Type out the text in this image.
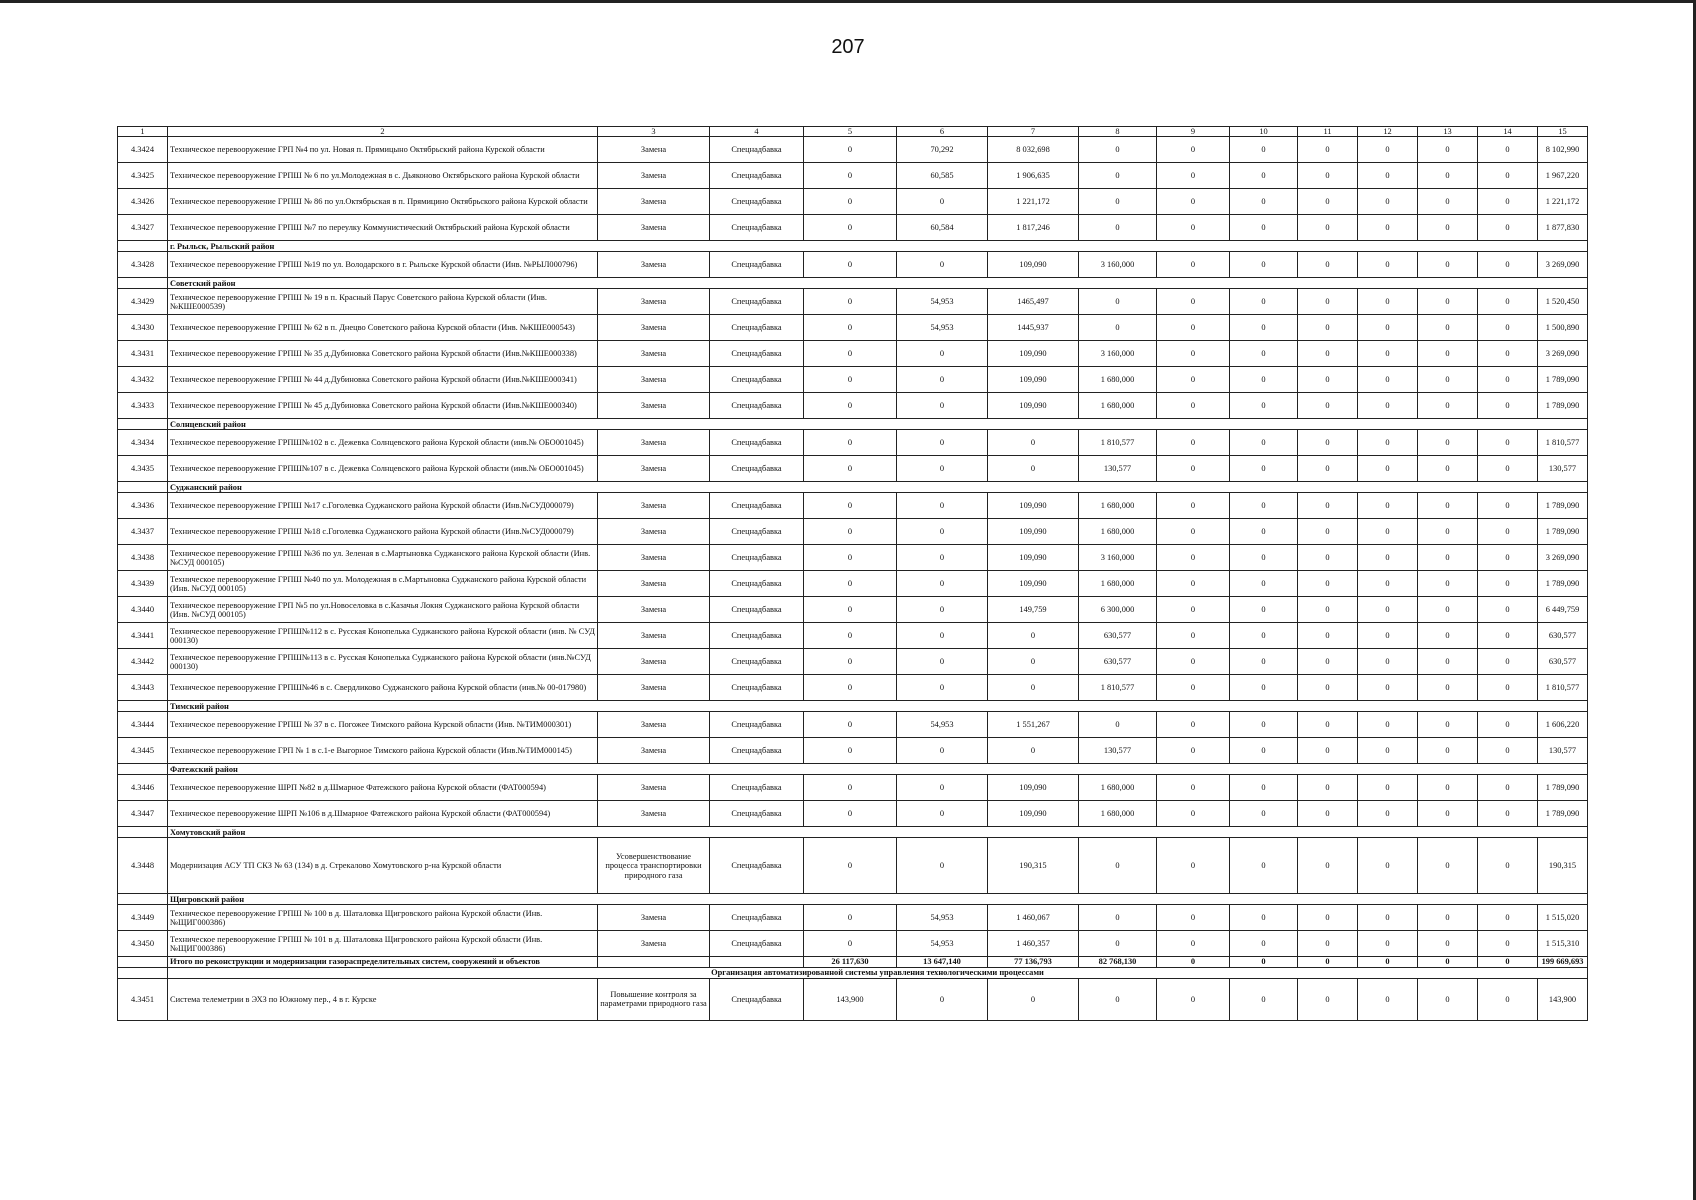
207
1	2	3	4	5	6	7	8	9	10	11	12	13	14	15
4.3424	Техническое перевооружение ГРП №4 по ул. Новая п. Прямицыно Октябрьский района Курской области	Замена	Спецнадбавка	0	70,292	8 032,698	0	0	0	0	0	0	0	8 102,990
4.3425	Техническое перевооружение ГРПШ № 6 по ул.Молодежная в с. Дьяконово Октябрьского района Курской области	Замена	Спецнадбавка	0	60,585	1 906,635	0	0	0	0	0	0	0	1 967,220
4.3426	Техническое перевооружение ГРПШ № 86 по ул.Октябрьская в п. Прямицино Октябрьского района Курской области	Замена	Спецнадбавка	0	0	1 221,172	0	0	0	0	0	0	0	1 221,172
4.3427	Техническое перевооружение ГРПШ №7 по переулку Коммунистический Октябрьский района Курской области	Замена	Спецнадбавка	0	60,584	1 817,246	0	0	0	0	0	0	0	1 877,830
	г. Рыльск, Рыльский район													
4.3428	Техническое перевооружение ГРПШ №19 по ул. Володарского в г. Рыльске Курской области (Инв. №РЫЛ000796)	Замена	Спецнадбавка	0	0	109,090	3 160,000	0	0	0	0	0	0	3 269,090
	Советский район													
4.3429	Техническое перевооружение ГРПШ № 19 в п. Красный Парус Советского района Курской области (Инв. №КШЕ000539)	Замена	Спецнадбавка	0	54,953	1465,497	0	0	0	0	0	0	0	1 520,450
4.3430	Техническое перевооружение ГРПШ № 62 в п. Днецво Советского района Курской области (Инв. №КШЕ000543)	Замена	Спецнадбавка	0	54,953	1445,937	0	0	0	0	0	0	0	1 500,890
4.3431	Техническое перевооружение ГРПШ № 35 д.Дубиновка Советского района Курской области (Инв.№КШЕ000338)	Замена	Спецнадбавка	0	0	109,090	3 160,000	0	0	0	0	0	0	3 269,090
4.3432	Техническое перевооружение ГРПШ № 44 д.Дубиновка Советского района Курской области (Инв.№КШЕ000341)	Замена	Спецнадбавка	0	0	109,090	1 680,000	0	0	0	0	0	0	1 789,090
4.3433	Техническое перевооружение ГРПШ № 45 д.Дубиновка Советского района Курской области (Инв.№КШЕ000340)	Замена	Спецнадбавка	0	0	109,090	1 680,000	0	0	0	0	0	0	1 789,090
	Солнцевский район													
4.3434	Техническое перевооружение ГРПШ№102 в с. Дежевка Солнцевского района Курской области (инв.№ ОБО001045)	Замена	Спецнадбавка	0	0	0	1 810,577	0	0	0	0	0	0	1 810,577
4.3435	Техническое перевооружение ГРПШ№107 в с. Дежевка Солнцевского района Курской области (инв.№ ОБО001045)	Замена	Спецнадбавка	0	0	0	130,577	0	0	0	0	0	0	130,577
	Суджанский район													
4.3436	Техническое перевооружение ГРПШ №17 с.Гоголевка Суджанского района Курской области (Инв.№СУД000079)	Замена	Спецнадбавка	0	0	109,090	1 680,000	0	0	0	0	0	0	1 789,090
4.3437	Техническое перевооружение ГРПШ №18 с.Гоголевка Суджанского района Курской области (Инв.№СУД000079)	Замена	Спецнадбавка	0	0	109,090	1 680,000	0	0	0	0	0	0	1 789,090
4.3438	Техническое перевооружение ГРПШ №36 по ул. Зеленая в с.Мартыновка Суджанского района Курской области (Инв. №СУД 000105)	Замена	Спецнадбавка	0	0	109,090	3 160,000	0	0	0	0	0	0	3 269,090
4.3439	Техническое перевооружение ГРПШ №40 по ул. Молодежная в с.Мартыновка Суджанского района Курской области (Инв. №СУД 000105)	Замена	Спецнадбавка	0	0	109,090	1 680,000	0	0	0	0	0	0	1 789,090
4.3440	Техническое перевооружение ГРП №5 по ул.Новоселовка в с.Казачья Локня Суджанского района Курской области (Инв. №СУД 000105)	Замена	Спецнадбавка	0	0	149,759	6 300,000	0	0	0	0	0	0	6 449,759
4.3441	Техническое перевооружение ГРПШ№112 в с. Русская Конопелька Суджанского района Курской области (инв. № СУД 000130)	Замена	Спецнадбавка	0	0	0	630,577	0	0	0	0	0	0	630,577
4.3442	Техническое перевооружение ГРПШ№113 в с. Русская Конопелька Суджанского района Курской области (инв.№СУД 000130)	Замена	Спецнадбавка	0	0	0	630,577	0	0	0	0	0	0	630,577
4.3443	Техническое перевооружение ГРПШ№46 в с. Свердликово Суджанского района Курской области (инв.№ 00-017980)	Замена	Спецнадбавка	0	0	0	1 810,577	0	0	0	0	0	0	1 810,577
	Тимский район													
4.3444	Техническое перевооружение ГРПШ № 37 в с. Погожее Тимского района Курской области (Инв. №ТИМ000301)	Замена	Спецнадбавка	0	54,953	1 551,267	0	0	0	0	0	0	0	1 606,220
4.3445	Техническое перевооружение ГРП № 1 в с.1-е Выгорное Тимского района Курской области (Инв.№ТИМ000145)	Замена	Спецнадбавка	0	0	0	130,577	0	0	0	0	0	0	130,577
	Фатежский район													
4.3446	Техническое перевооружение ШРП №82 в д.Шмарное Фатежского района Курской области (ФАТ000594)	Замена	Спецнадбавка	0	0	109,090	1 680,000	0	0	0	0	0	0	1 789,090
4.3447	Техническое перевооружение ШРП №106 в д.Шмарное Фатежского района Курской области (ФАТ000594)	Замена	Спецнадбавка	0	0	109,090	1 680,000	0	0	0	0	0	0	1 789,090
	Хомутовский район													
4.3448	Модернизация АСУ ТП СКЗ № 63 (134) в д. Стрекалово Хомутовского р-на Курской области	Усовершенствование процесса транспортировки природного газа	Спецнадбавка	0	0	190,315	0	0	0	0	0	0	0	190,315
	Щигровский район													
4.3449	Техническое перевооружение ГРПШ № 100 в д. Шаталовка Щигровского района Курской области (Инв. №ЩИГ000386)	Замена	Спецнадбавка	0	54,953	1 460,067	0	0	0	0	0	0	0	1 515,020
4.3450	Техническое перевооружение ГРПШ № 101 в д. Шаталовка Щигровского района Курской области (Инв. №ЩИГ000386)	Замена	Спецнадбавка	0	54,953	1 460,357	0	0	0	0	0	0	0	1 515,310
	Итого по реконструкции и модернизации газораспределительных систем, сооружений и объектов			26 117,630	13 647,140	77 136,793	82 768,130	0	0	0	0	0	0	199 669,693
	Организация автоматизированной системы управления технологическими процессами													
4.3451	Система телеметрии в ЭХЗ по Южному пер., 4 в г. Курске	Повышение контроля за параметрами природного газа	Спецнадбавка	143,900	0	0	0	0	0	0	0	0	0	143,900
